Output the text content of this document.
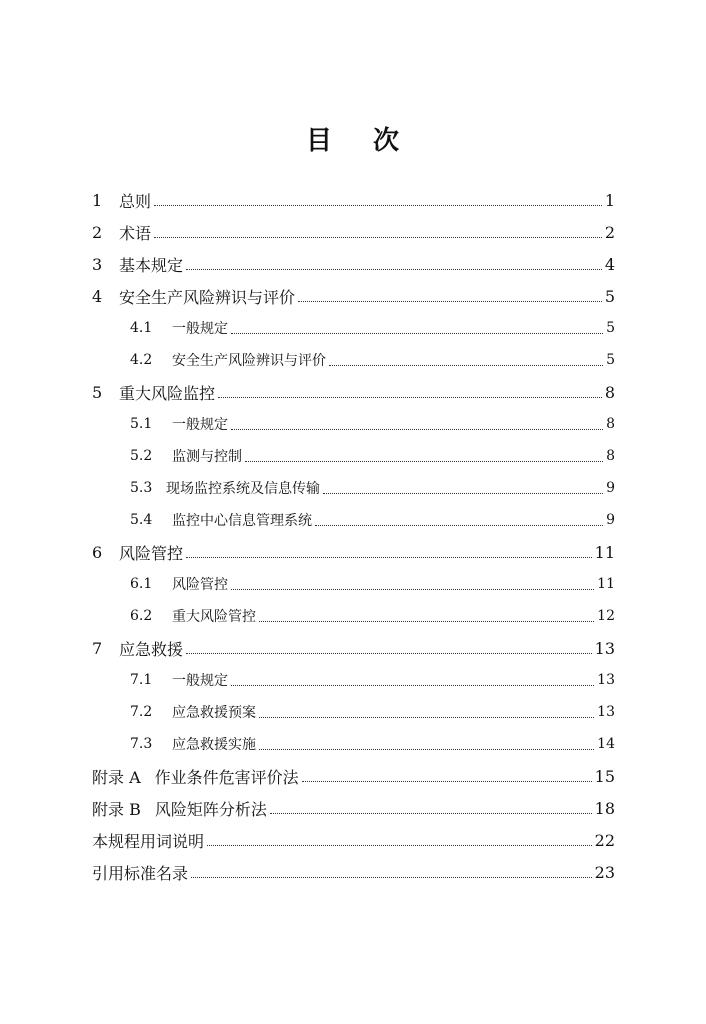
目 次
1	总则	1
2	术语	2
3	基本规定	4
4	安全生产风险辨识与评价	5
4.1	一般规定	5
4.2	安全生产风险辨识与评价	5
5	重大风险监控	8
5.1	一般规定	8
5.2	监测与控制	8
5.3 现场监控系统及信息传输	9
5.4	监控中心信息管理系统	9
6	风险管控	11
6.1	风险管控	11
6.2	重大风险管控	12
7	应急救援	13
7.1	一般规定	13
7.2	应急救援预案	13
7.3	应急救援实施	14
附录 A 作业条件危害评价法	15
附录 B 风险矩阵分析法	18
本规程用词说明	22
引用标准名录	23
